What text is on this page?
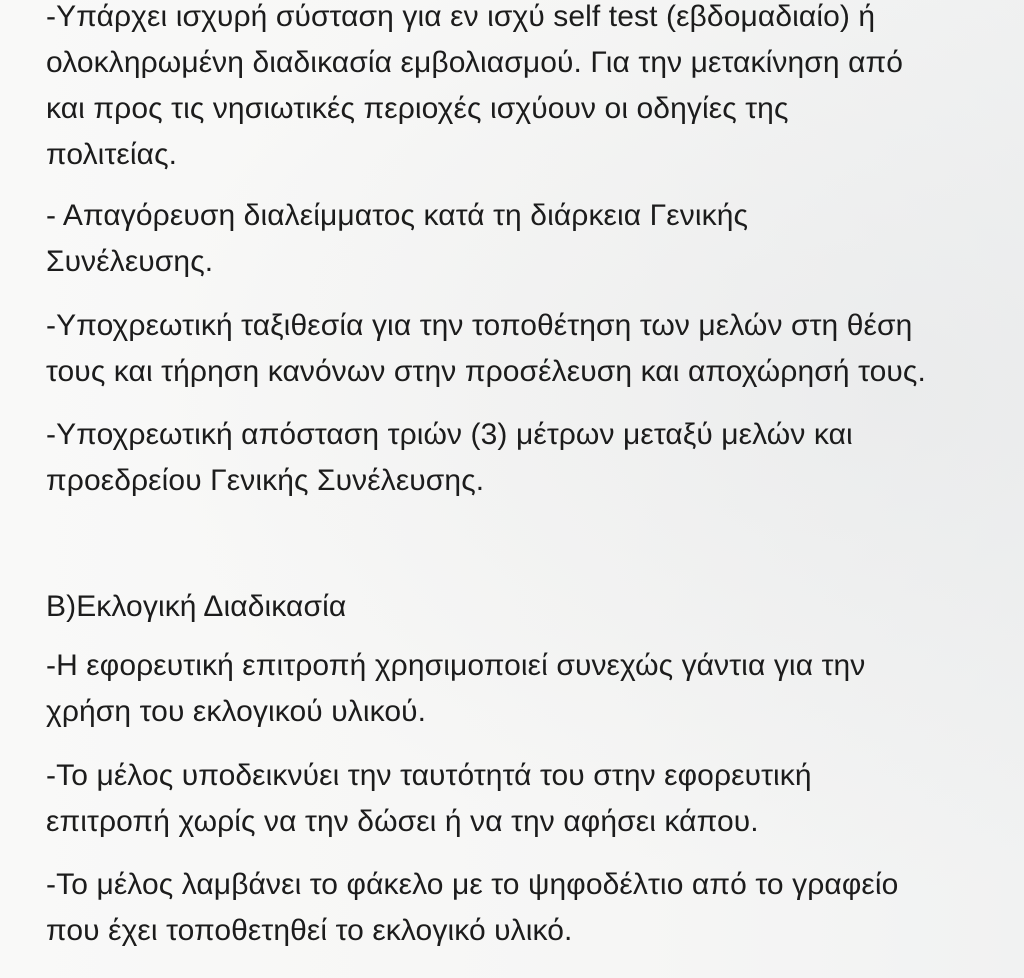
-Υπάρχει ισχυρή σύσταση για εν ισχύ self test (εβδομαδιαίο) ή
ολοκληρωμένη διαδικασία εμβολιασμού. Για την μετακίνηση από
και προς τις νησιωτικές περιοχές ισχύουν οι οδηγίες της
πολιτείας.

- Απαγόρευση διαλείμματος κατά τη διάρκεια Γενικής
Συνέλευσης.

-Υποχρεωτική ταξιθεσία για την τοποθέτηση των μελών στη θέση
τους και τήρηση κανόνων στην προσέλευση και αποχώρησή τους.

-Υποχρεωτική απόσταση τριών (3) μέτρων μεταξύ μελών και
προεδρείου Γενικής Συνέλευσης.

Β)Εκλογική Διαδικασία

-Η εφορευτική επιτροπή χρησιμοποιεί συνεχώς γάντια για την
χρήση του εκλογικού υλικού.

-Το μέλος υποδεικνύει την ταυτότητά του στην εφορευτική
επιτροπή χωρίς να την δώσει ή να την αφήσει κάπου.

-Το μέλος λαμβάνει το φάκελο με το ψηφοδέλτιο από το γραφείο
που έχει τοποθετηθεί το εκλογικό υλικό.
